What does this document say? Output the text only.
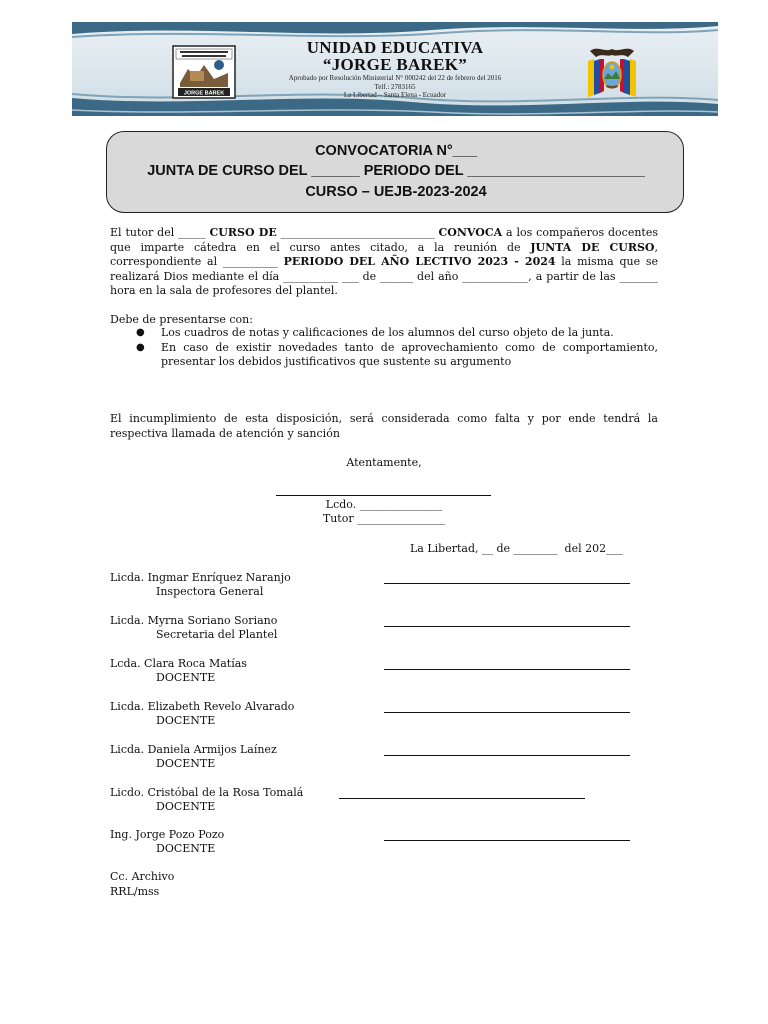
JORGE BAREK
UNIDAD EDUCATIVA
“JORGE BAREK”
Aprobado por Resolución Ministerial N° 000242 del 22 de febrero del 2016
Telf.: 2783165
La Libertad – Santa Elena - Ecuador
CONVOCATORIA N°___
JUNTA DE CURSO DEL ______ PERIODO DEL ______________________
CURSO – UEJB-2023-2024
El tutor del _____ CURSO DE ____________________________ CONVOCA a los compañeros docentes que imparte cátedra en el curso antes citado, a la reunión de JUNTA DE CURSO, correspondiente al __________ PERIODO DEL AÑO LECTIVO 2023 - 2024 la misma que se realizará Dios mediante el día __________ ___ de ______ del año ____________, a partir de las _______ hora en la sala de profesores del plantel.
Debe de presentarse con:
●	Los cuadros de notas y calificaciones de los alumnos del curso objeto de la junta.
●	En caso de existir novedades tanto de aprovechamiento como de comportamiento, presentar los debidos justificativos que sustente su argumento
El incumplimiento de esta disposición, será considerada como falta y por ende tendrá la respectiva llamada de atención y sanción
Atentamente,
Lcdo. _______________
Tutor ________________
La Libertad, __ de ________  del 202___
Licda. Ingmar Enríquez Naranjo
Inspectora General
Licda. Myrna Soriano Soriano
Secretaria del Plantel
Lcda. Clara Roca Matías
DOCENTE
Licda. Elizabeth Revelo Alvarado
DOCENTE
Licda. Daniela Armijos Laínez
DOCENTE
Licdo. Cristóbal de la Rosa Tomalá
DOCENTE
Ing. Jorge Pozo Pozo
DOCENTE
Cc. Archivo
RRL/mss
